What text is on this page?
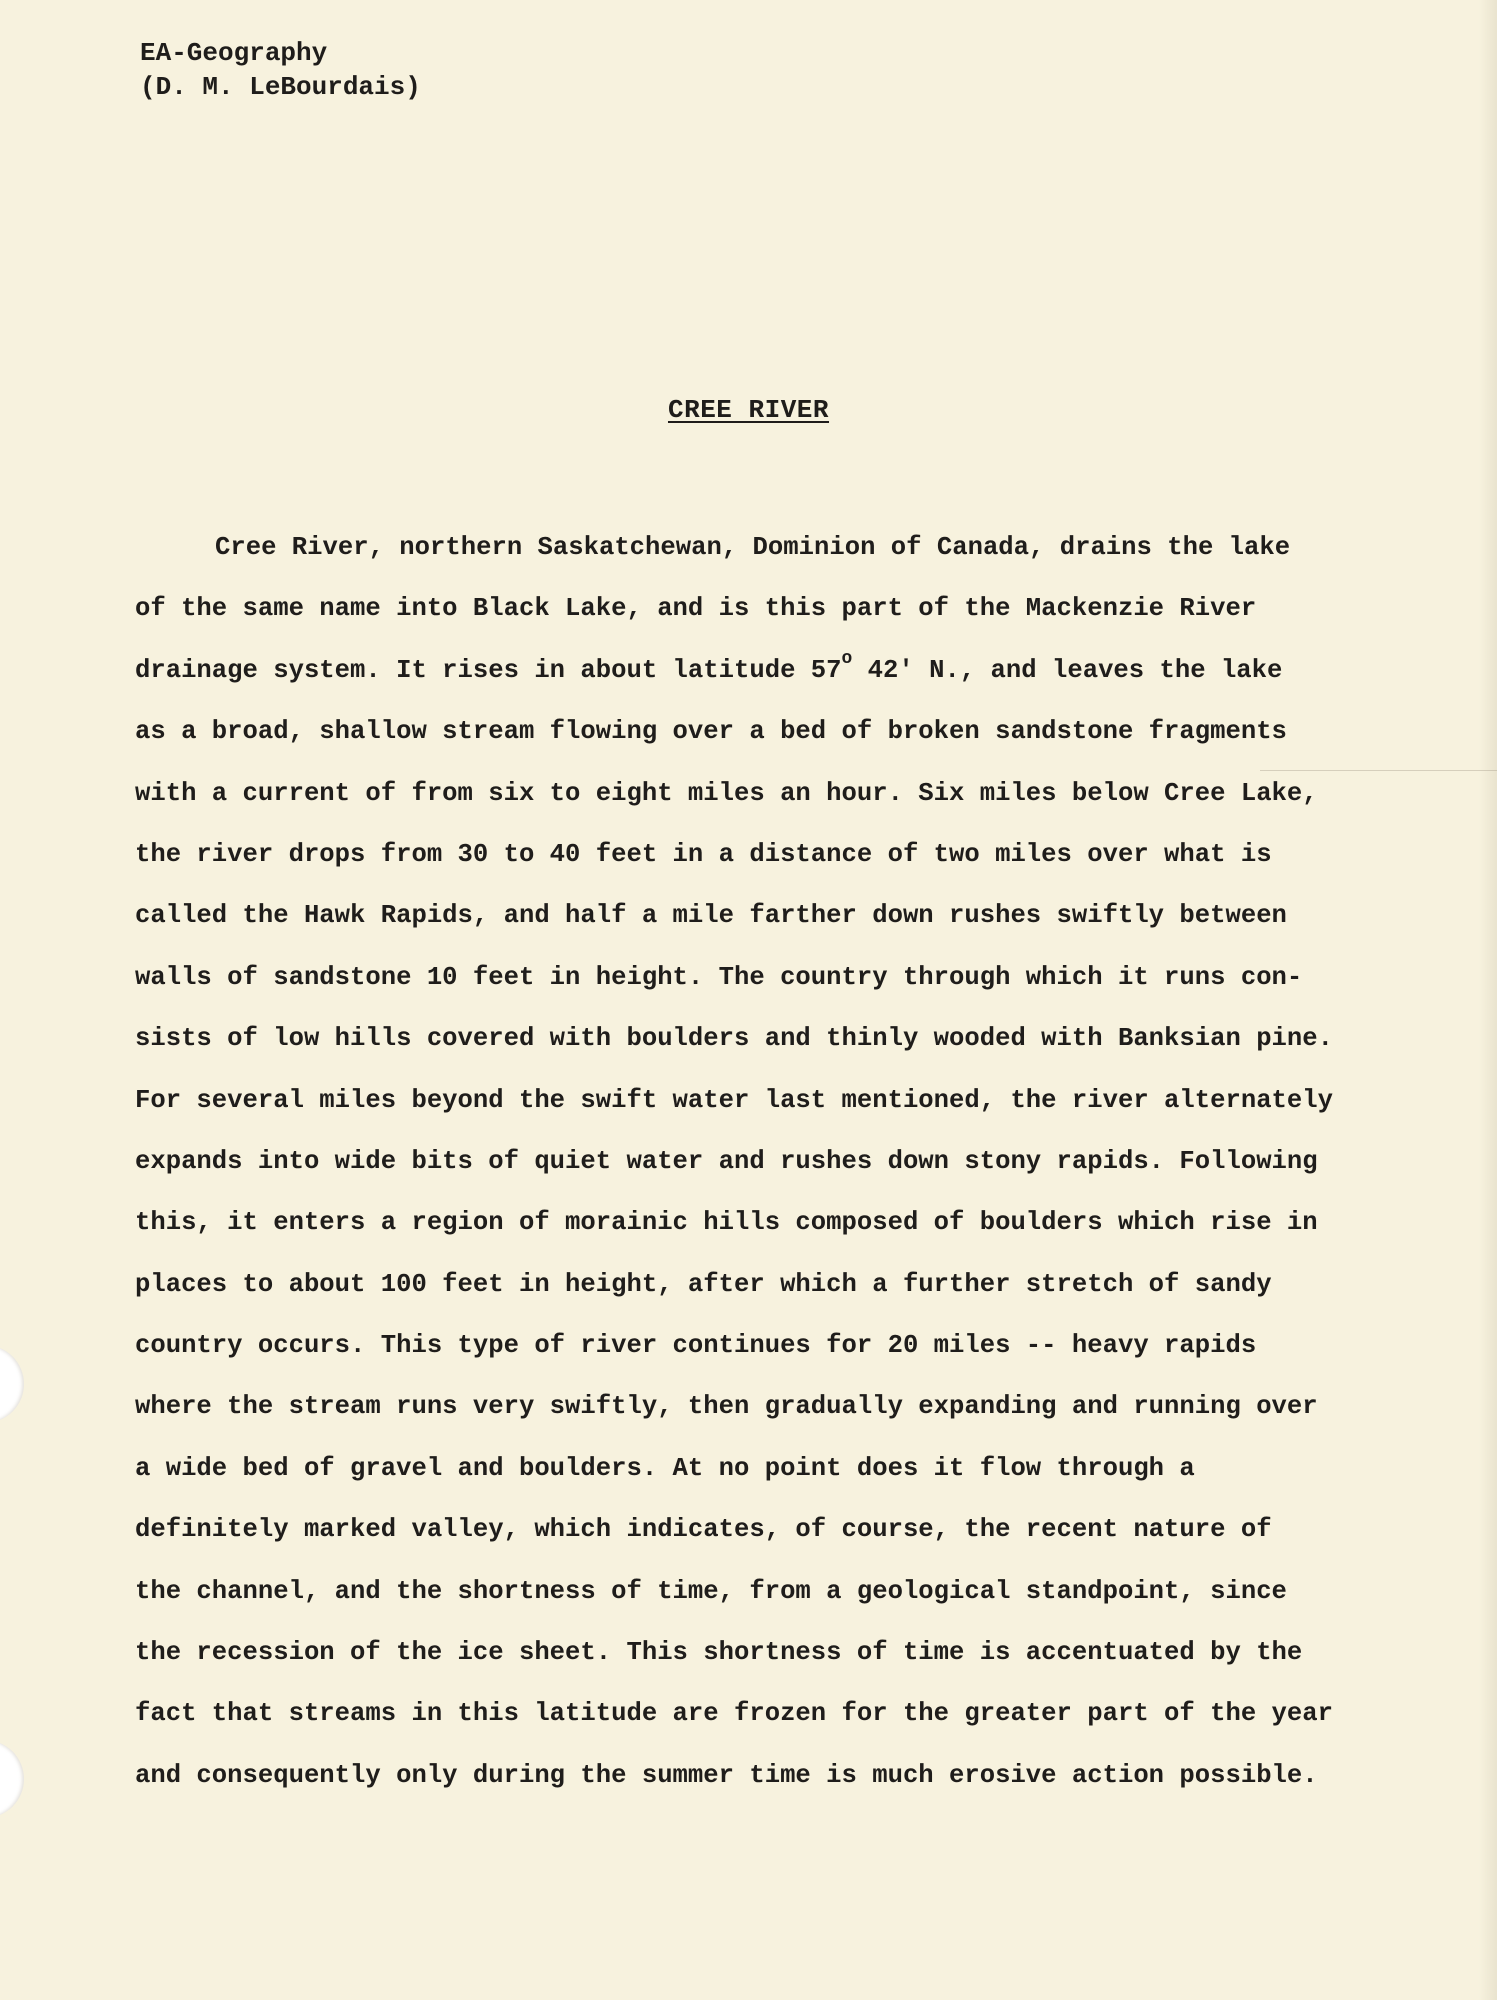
EA-Geography
(D. M. LeBourdais)
CREE RIVER
Cree River, northern Saskatchewan, Dominion of Canada, drains the lake
of the same name into Black Lake, and is this part of the Mackenzie River
drainage system. It rises in about latitude 57$^o$ 42' N., and leaves the lake
as a broad, shallow stream flowing over a bed of broken sandstone fragments
with a current of from six to eight miles an hour. Six miles below Cree Lake,
the river drops from 30 to 40 feet in a distance of two miles over what is
called the Hawk Rapids, and half a mile farther down rushes swiftly between
walls of sandstone 10 feet in height. The country through which it runs con-
sists of low hills covered with boulders and thinly wooded with Banksian pine.
For several miles beyond the swift water last mentioned, the river alternately
expands into wide bits of quiet water and rushes down stony rapids. Following
this, it enters a region of morainic hills composed of boulders which rise in
places to about 100 feet in height, after which a further stretch of sandy
country occurs. This type of river continues for 20 miles -- heavy rapids
where the stream runs very swiftly, then gradually expanding and running over
a wide bed of gravel and boulders. At no point does it flow through a
definitely marked valley, which indicates, of course, the recent nature of
the channel, and the shortness of time, from a geological standpoint, since
the recession of the ice sheet. This shortness of time is accentuated by the
fact that streams in this latitude are frozen for the greater part of the year
and consequently only during the summer time is much erosive action possible.
